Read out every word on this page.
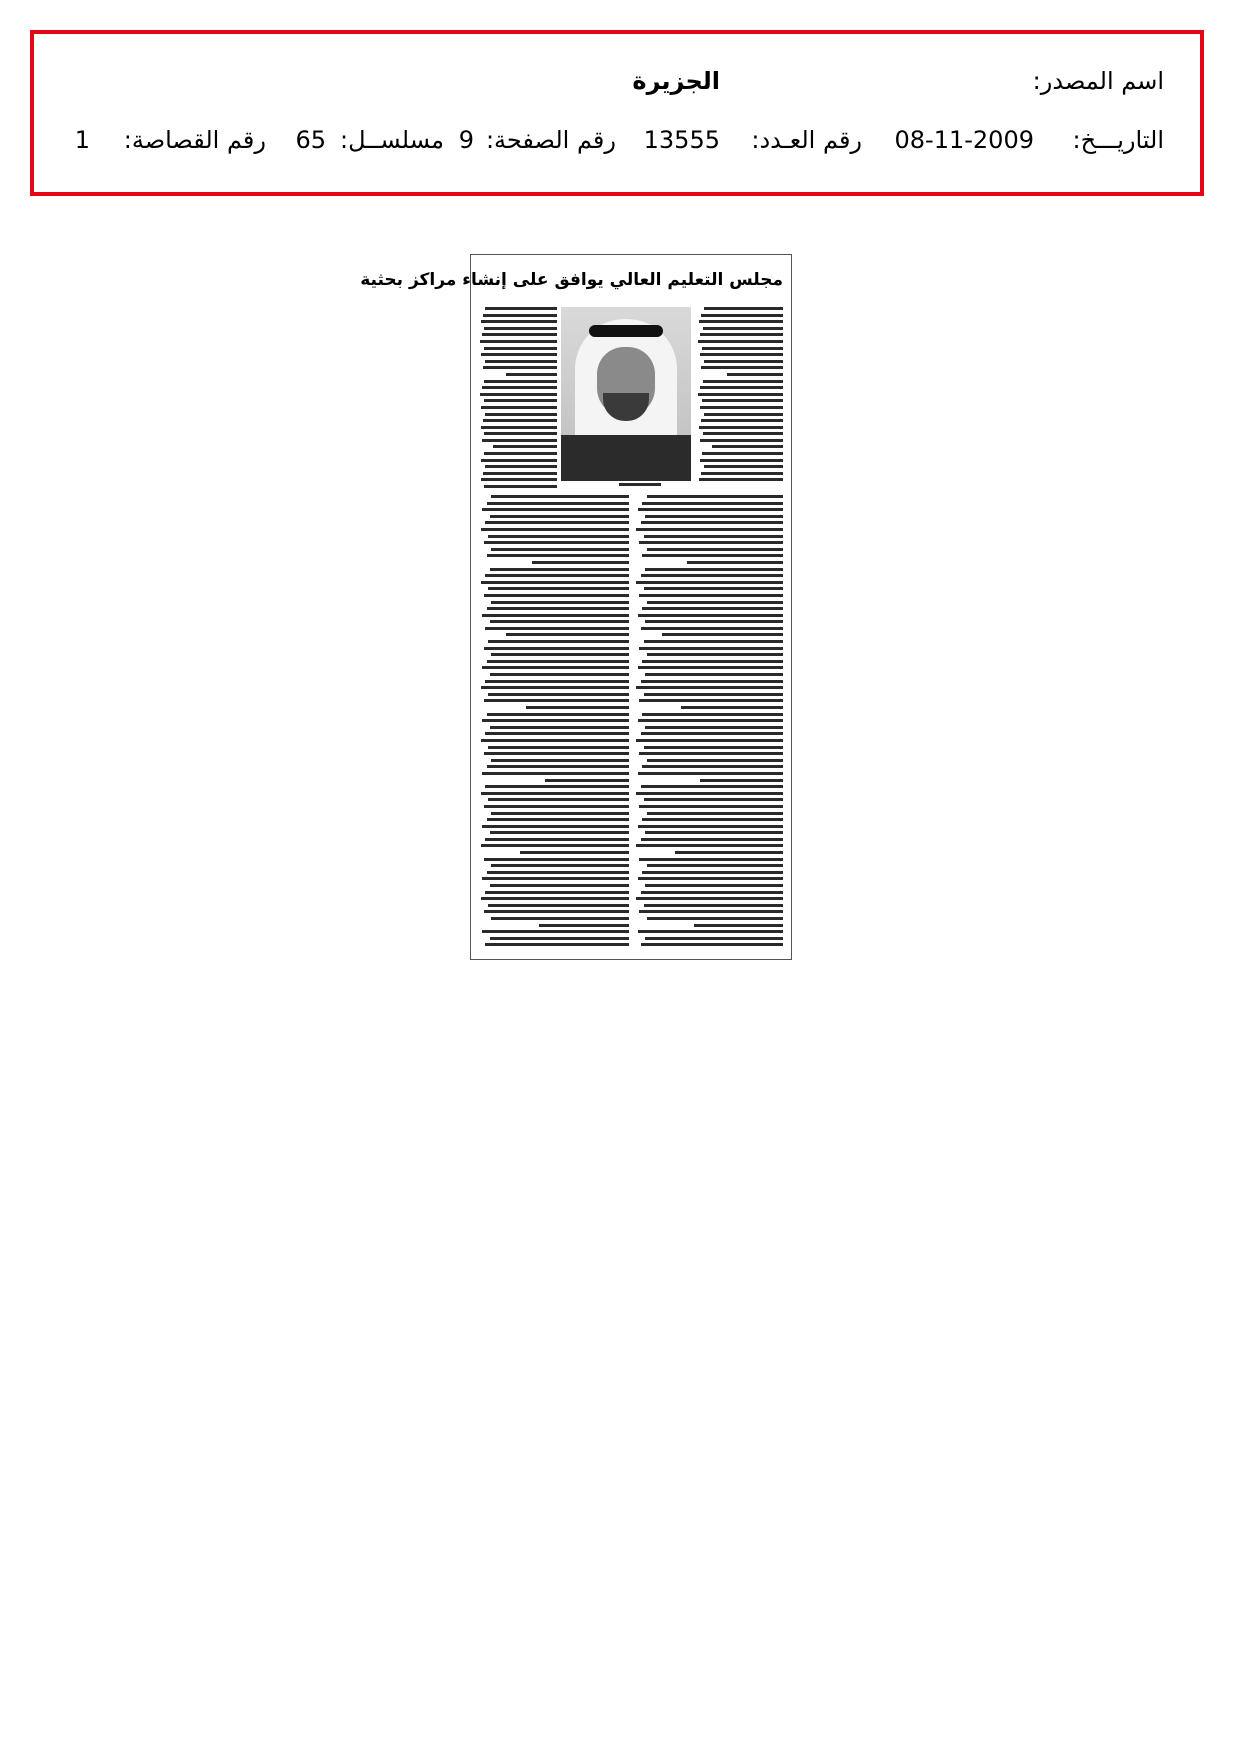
اسم المصدر:
الجزيرة
التاريـــخ:
08-11-2009
رقم العـدد:
13555
رقم الصفحة:
9
مسلســل:
65
رقم القصاصة:
1
مجلس التعليم العالي يوافق على إنشاء مراكز بحثية
